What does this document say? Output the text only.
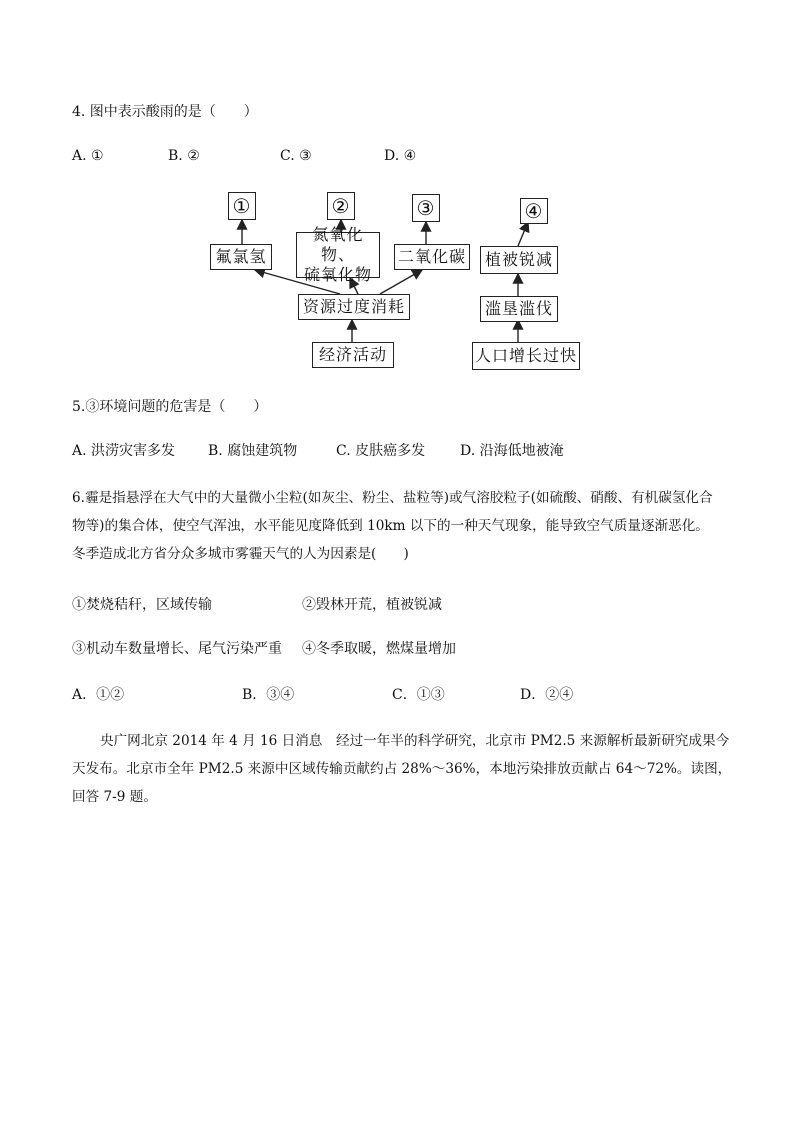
4. 图中表示酸雨的是（　　）
A. ①	B. ②	C. ③	D. ④
①	②	③	④
氟氯氢
氮氧化物、
硫氧化物
二氧化碳	植被锐减
资源过度消耗	滥垦滥伐
经济活动	人口增长过快
5.③环境问题的危害是（　　）
A. 洪涝灾害多发 B. 腐蚀建筑物	C. 皮肤癌多发 D. 沿海低地被淹
6.霾是指悬浮在大气中的大量微小尘粒(如灰尘、粉尘、盐粒等)或气溶胶粒子(如硫酸、硝酸、有机碳氢化合
物等)的集合体，使空气浑浊，水平能见度降低到 10km 以下的一种天气现象，能导致空气质量逐渐恶化。
冬季造成北方省分众多城市雾霾天气的人为因素是(　　)
①焚烧秸秆，区域传输	②毁林开荒，植被锐减
③机动车数量增长、尾气污染严重 ④冬季取暖，燃煤量增加
A．①②	B．③④	C．①③	D．②④
央广网北京 2014 年 4 月 16 日消息　经过一年半的科学研究，北京市 PM2.5 来源解析最新研究成果今
天发布。北京市全年 PM2.5 来源中区域传输贡献约占 28%～36%，本地污染排放贡献占 64～72%。读图，
回答 7-9 题。
